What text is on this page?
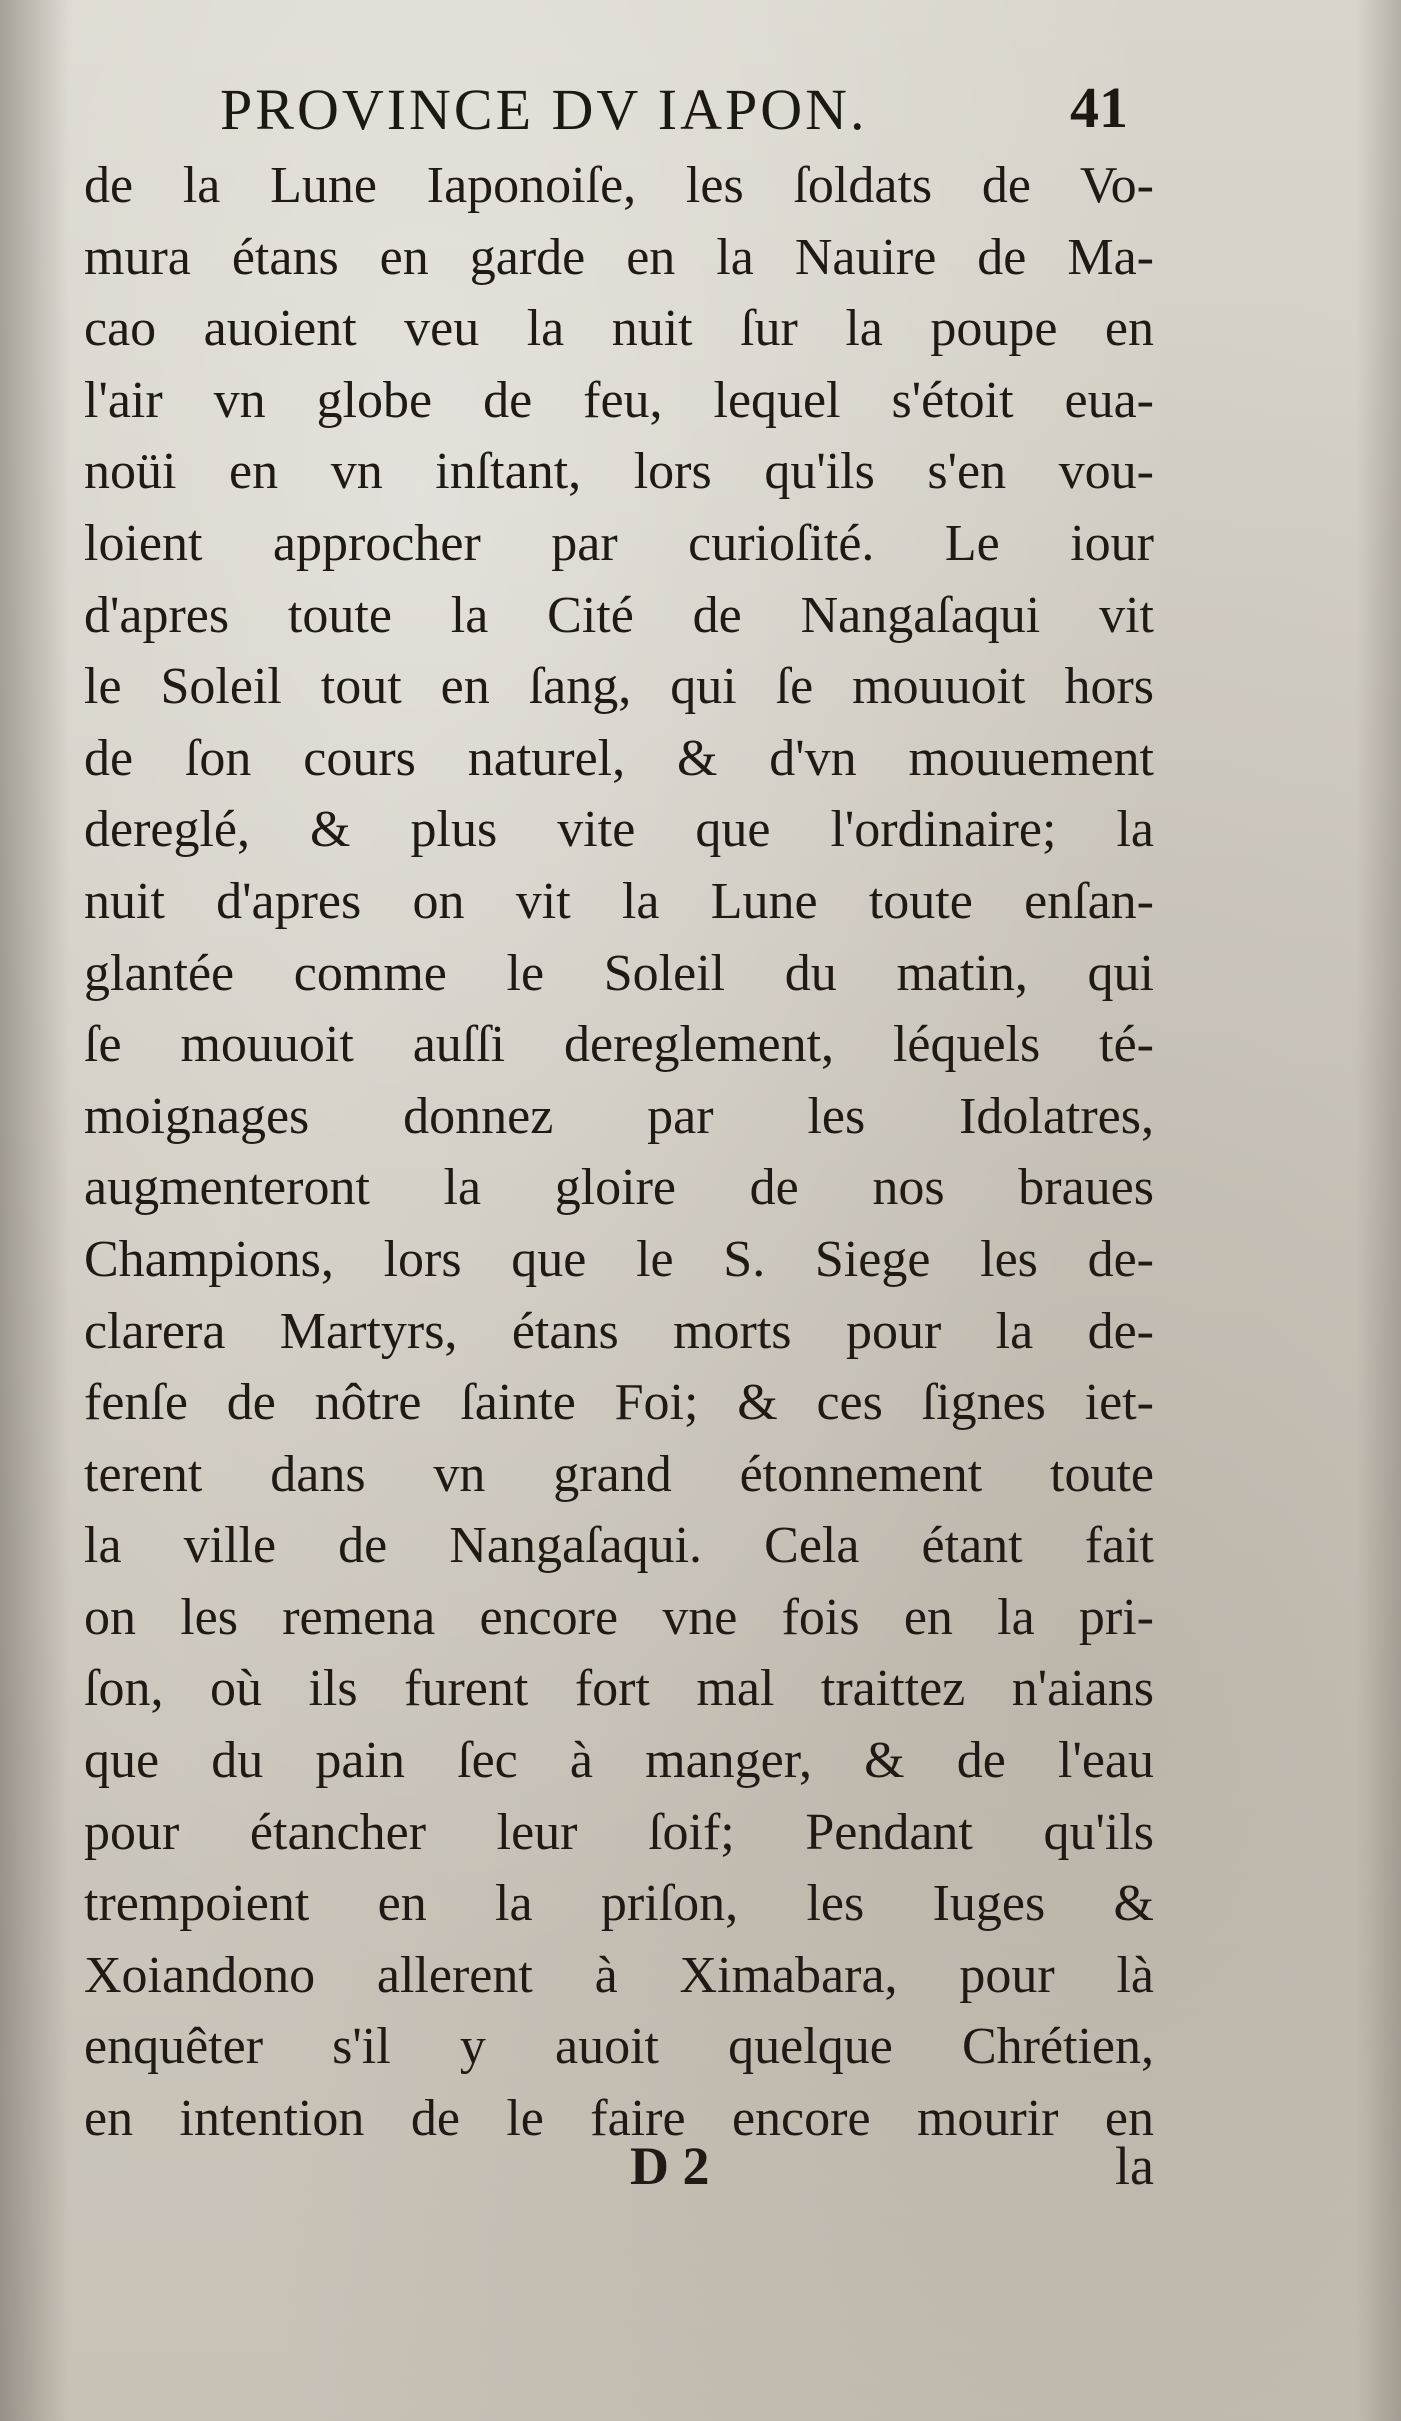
PROVINCE DV IAPON.	41
de la Lune Iaponoiſe, les ſoldats de Vo-
mura étans en garde en la Nauire de Ma-
cao auoient veu la nuit ſur la poupe en
l'air vn globe de feu, lequel s'étoit eua-
noüi en vn inſtant, lors qu'ils s'en vou-
loient approcher par curioſité. Le iour
d'apres toute la Cité de Nangaſaqui vit
le Soleil tout en ſang, qui ſe mouuoit hors
de ſon cours naturel, & d'vn mouuement
dereglé, & plus vite que l'ordinaire; la
nuit d'apres on vit la Lune toute enſan-
glantée comme le Soleil du matin, qui
ſe mouuoit auſſi dereglement, léquels té-
moignages donnez par les Idolatres,
augmenteront la gloire de nos braues
Champions, lors que le S. Siege les de-
clarera Martyrs, étans morts pour la de-
fenſe de nôtre ſainte Foi; & ces ſignes iet-
terent dans vn grand étonnement toute
la ville de Nangaſaqui. Cela étant fait
on les remena encore vne fois en la pri-
ſon, où ils furent fort mal traittez n'aians
que du pain ſec à manger, & de l'eau
pour étancher leur ſoif; Pendant qu'ils
trempoient en la priſon, les Iuges &
Xoiandono allerent à Ximabara, pour là
enquêter s'il y auoit quelque Chrétien,
en intention de le faire encore mourir en
D 2	la
